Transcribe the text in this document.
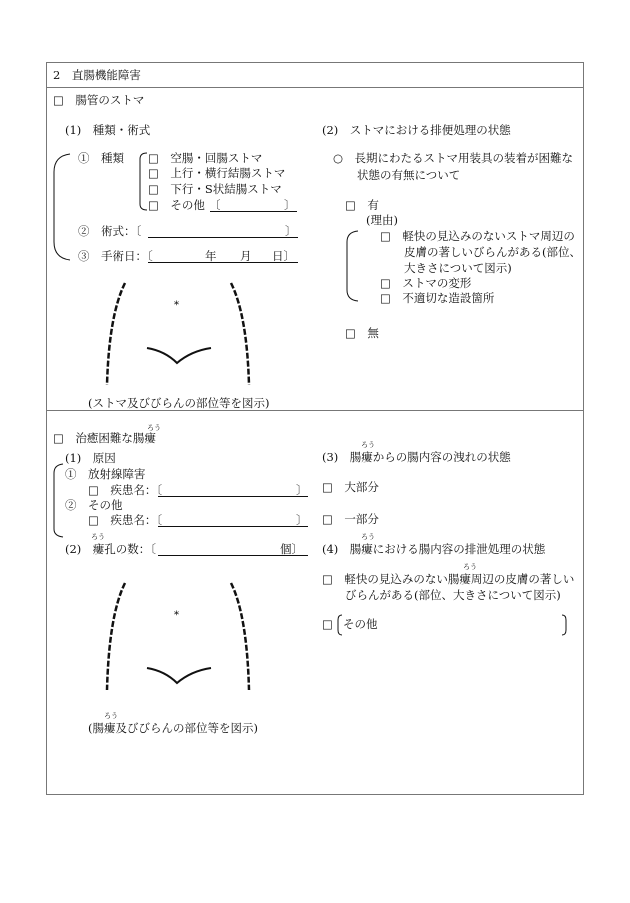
2　直腸機能障害
□　腸管のストマ
(1)　種類・術式
①　種類 □　空腸・回腸ストマ
□　上行・横行結腸ストマ
□　下行・S状結腸ストマ
□　その他 〔	〕
②　術式：〔	〕
③　手術日：〔	年 月 日〕
*
(ストマ及びびらんの部位等を図示)
(2)　ストマにおける排便処理の状態
○　長期にわたるストマ用装具の装着が困難な
状態の有無について
□　有
(理由)
□　軽快の見込みのないストマ周辺の
皮膚の著しいびらんがある(部位、
大きさについて図示)
□　ストマの変形
□　不適切な造設箇所
□　無
ろう
□　治癒困難な腸瘻
(1)　原因
①　放射線障害
□　疾患名：〔	〕
②　その他
□　疾患名：〔	〕
ろう
(2)　瘻孔の数：〔	個〕
*
ろう
(腸瘻及びびらんの部位等を図示)
ろう
(3)　腸瘻からの腸内容の洩れの状態
□　大部分
□　一部分
ろう
(4)　腸瘻における腸内容の排泄処理の状態
ろう
□　軽快の見込みのない腸瘻周辺の皮膚の著しい
びらんがある(部位、大きさについて図示)
□ その他
